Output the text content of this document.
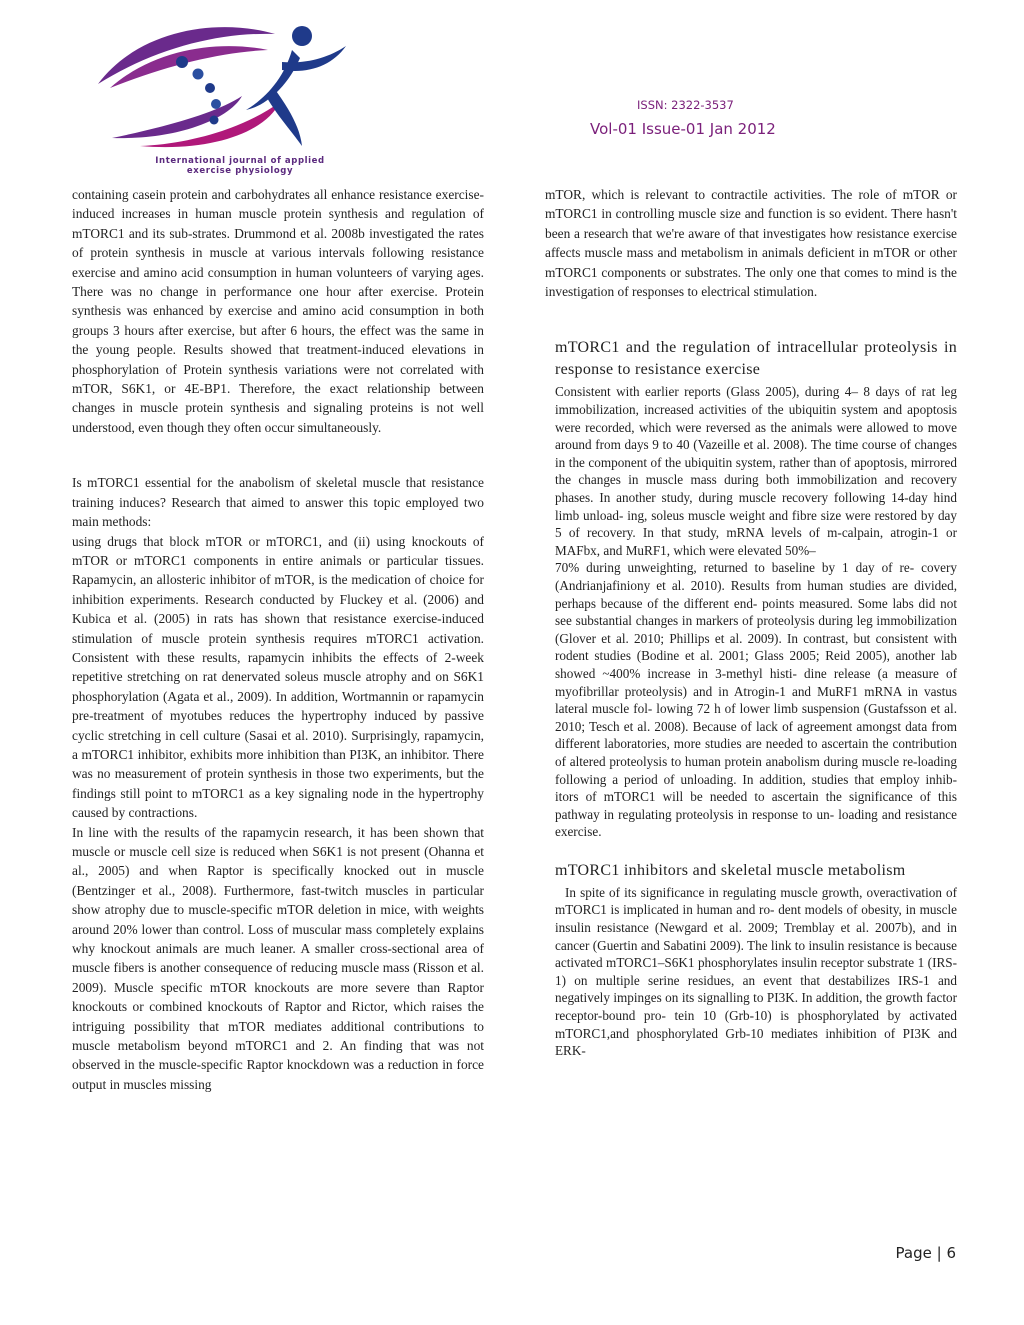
International journal of applied
exercise physiology
ISSN: 2322-3537
Vol-01 Issue-01 Jan 2012

containing casein protein and carbohydrates all enhance resistance exercise-induced increases in human muscle protein synthesis and regulation of mTORC1 and its sub-strates. Drummond et al. 2008b investigated the rates of protein synthesis in muscle at various intervals following resistance exercise and amino acid consumption in human volunteers of varying ages. There was no change in performance one hour after exercise. Protein synthesis was enhanced by exercise and amino acid consumption in both groups 3 hours after exercise, but after 6 hours, the effect was the same in the young people. Results showed that treatment-induced elevations in phosphorylation of Protein synthesis variations were not correlated with mTOR, S6K1, or 4E-BP1. Therefore, the exact relationship between changes in muscle protein synthesis and signaling proteins is not well understood, even though they often occur simultaneously.

Is mTORC1 essential for the anabolism of skeletal muscle that resistance training induces? Research that aimed to answer this topic employed two main methods:

using drugs that block mTOR or mTORC1, and (ii) using knockouts of mTOR or mTORC1 components in entire animals or particular tissues. Rapamycin, an allosteric inhibitor of mTOR, is the medication of choice for inhibition experiments. Research conducted by Fluckey et al. (2006) and Kubica et al. (2005) in rats has shown that resistance exercise-induced stimulation of muscle protein synthesis requires mTORC1 activation. Consistent with these results, rapamycin inhibits the effects of 2-week repetitive stretching on rat denervated soleus muscle atrophy and on S6K1 phosphorylation (Agata et al., 2009). In addition, Wortmannin or rapamycin pre-treatment of myotubes reduces the hypertrophy induced by passive cyclic stretching in cell culture (Sasai et al. 2010). Surprisingly, rapamycin, a mTORC1 inhibitor, exhibits more inhibition than PI3K, an inhibitor. There was no measurement of protein synthesis in those two experiments, but the findings still point to mTORC1 as a key signaling node in the hypertrophy caused by contractions.

In line with the results of the rapamycin research, it has been shown that muscle or muscle cell size is reduced when S6K1 is not present (Ohanna et al., 2005) and when Raptor is specifically knocked out in muscle (Bentzinger et al., 2008). Furthermore, fast-twitch muscles in particular show atrophy due to muscle-specific mTOR deletion in mice, with weights around 20% lower than control. Loss of muscular mass completely explains why knockout animals are much leaner. A smaller cross-sectional area of muscle fibers is another consequence of reducing muscle mass (Risson et al. 2009). Muscle specific mTOR knockouts are more severe than Raptor knockouts or combined knockouts of Raptor and Rictor, which raises the intriguing possibility that mTOR mediates additional contributions to muscle metabolism beyond mTORC1 and 2. An finding that was not observed in the muscle-specific Raptor knockdown was a reduction in force output in muscles missing

mTOR, which is relevant to contractile activities. The role of mTOR or mTORC1 in controlling muscle size and function is so evident. There hasn't been a research that we're aware of that investigates how resistance exercise affects muscle mass and metabolism in animals deficient in mTOR or other mTORC1 components or substrates. The only one that comes to mind is the investigation of responses to electrical stimulation.

mTORC1 and the regulation of intracellular proteolysis in response to resistance exercise

Consistent with earlier reports (Glass 2005), during 4– 8 days of rat leg immobilization, increased activities of the ubiquitin system and apoptosis were recorded, which were reversed as the animals were allowed to move around from days 9 to 40 (Vazeille et al. 2008). The time course of changes in the component of the ubiquitin system, rather than of apoptosis, mirrored the changes in muscle mass during both immobilization and recovery phases. In another study, during muscle recovery following 14-day hind limb unload- ing, soleus muscle weight and fibre size were restored by day 5 of recovery. In that study, mRNA levels of m-calpain, atrogin-1 or MAFbx, and MuRF1, which were elevated 50%–

70% during unweighting, returned to baseline by 1 day of re- covery (Andrianjafiniony et al. 2010). Results from human studies are divided, perhaps because of the different end- points measured. Some labs did not see substantial changes in markers of proteolysis during leg immobilization (Glover et al. 2010; Phillips et al. 2009). In contrast, but consistent with rodent studies (Bodine et al. 2001; Glass 2005; Reid 2005), another lab showed ~400% increase in 3-methyl histi- dine release (a measure of myofibrillar proteolysis) and in Atrogin-1 and MuRF1 mRNA in vastus lateral muscle fol- lowing 72 h of lower limb suspension (Gustafsson et al. 2010; Tesch et al. 2008). Because of lack of agreement amongst data from different laboratories, more studies are needed to ascertain the contribution of altered proteolysis to human protein anabolism during muscle re-loading following a period of unloading. In addition, studies that employ inhib- itors of mTORC1 will be needed to ascertain the significance of this pathway in regulating proteolysis in response to un- loading and resistance exercise.

mTORC1 inhibitors and skeletal muscle metabolism

In spite of its significance in regulating muscle growth, overactivation of mTORC1 is implicated in human and ro- dent models of obesity, in muscle insulin resistance (Newgard et al. 2009; Tremblay et al. 2007b), and in cancer (Guertin and Sabatini 2009). The link to insulin resistance is because activated mTORC1–S6K1 phosphorylates insulin receptor substrate 1 (IRS-1) on multiple serine residues, an event that destabilizes IRS-1 and negatively impinges on its signalling to PI3K. In addition, the growth factor receptor-bound pro- tein 10 (Grb-10) is phosphorylated by activated mTORC1,and phosphorylated Grb-10 mediates inhibition of PI3K and ERK-

Page | 6
